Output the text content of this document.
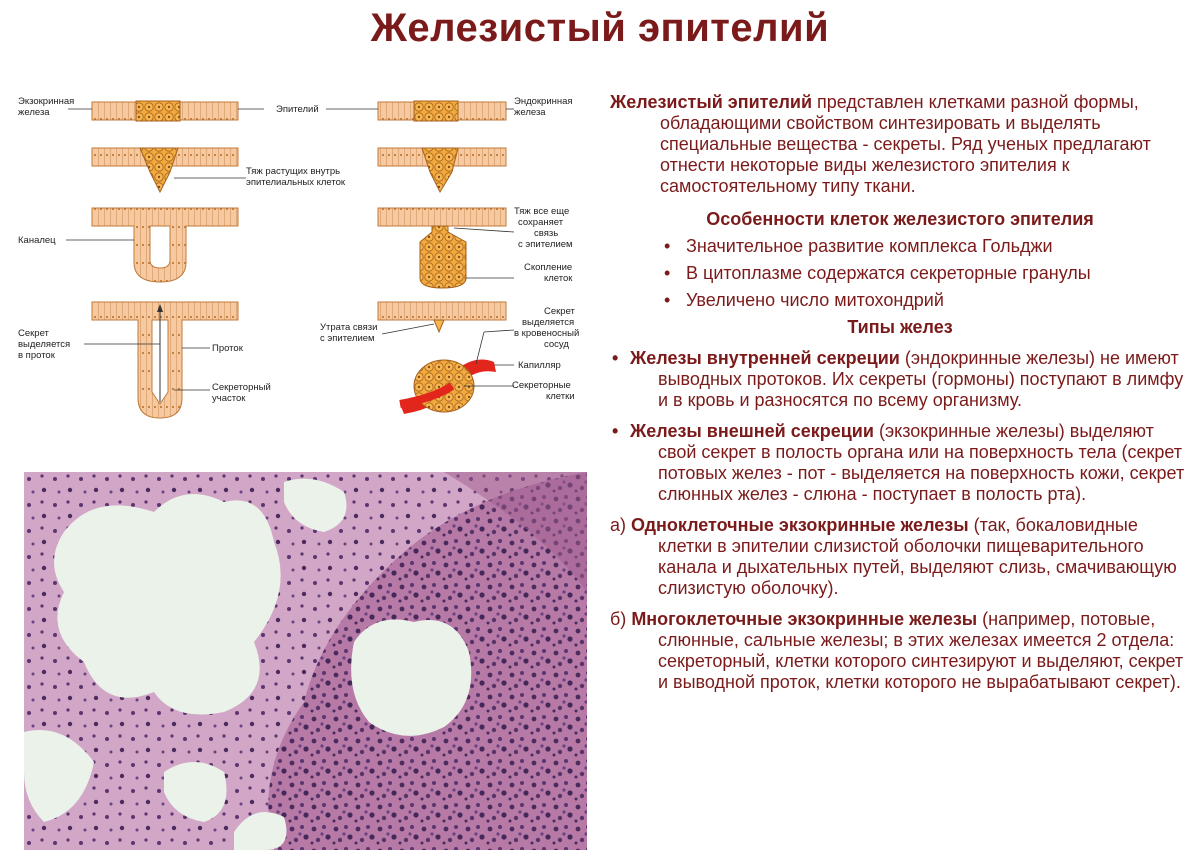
Железистый эпителий
Экзокринная
железа	Эпителий
Эндокринная
железа
Тяж растущих внутрь
эпителиальных клеток
Каналец
Тяж все еще
сохраняет
связь
с эпителием
Скопление
клеток
Секрет
выделяется
в проток
Проток
Секреторный
участок
Утрата связи
с эпителием
Секрет
выделяется
в кровеносный
сосуд
Капилляр
Секреторные
клетки

Железистый эпителий представлен клетками разной формы, обладающими свойством синтезировать и выделять специальные вещества - секреты. Ряд ученых предлагают отнести некоторые виды железистого эпителия к самостоятельному типу ткани.

Особенности клеток железистого эпителия

• Значительное развитие комплекса Гольджи
• В цитоплазме содержатся секреторные гранулы
• Увеличено число митохондрий

Типы желез

• Железы внутренней секреции (эндокринные железы) не имеют выводных протоков. Их секреты (гормоны) поступают в лимфу и в кровь и разносятся по всему организму.

• Железы внешней секреции (экзокринные железы) выделяют свой секрет в полость органа или на поверхность тела (секрет потовых желез - пот - выделяется на поверхность кожи, секрет слюнных желез - слюна - поступает в полость рта).

а) Одноклеточные экзокринные железы (так, бокаловидные клетки в эпителии слизистой оболочки пищеварительного канала и дыхательных путей, выделяют слизь, смачивающую слизистую оболочку).

б) Многоклеточные экзокринные железы (например, потовые, слюнные, сальные железы; в этих железах имеется 2 отдела: секреторный, клетки которого синтезируют и выделяют, секрет и выводной проток, клетки которого не вырабатывают секрет).
